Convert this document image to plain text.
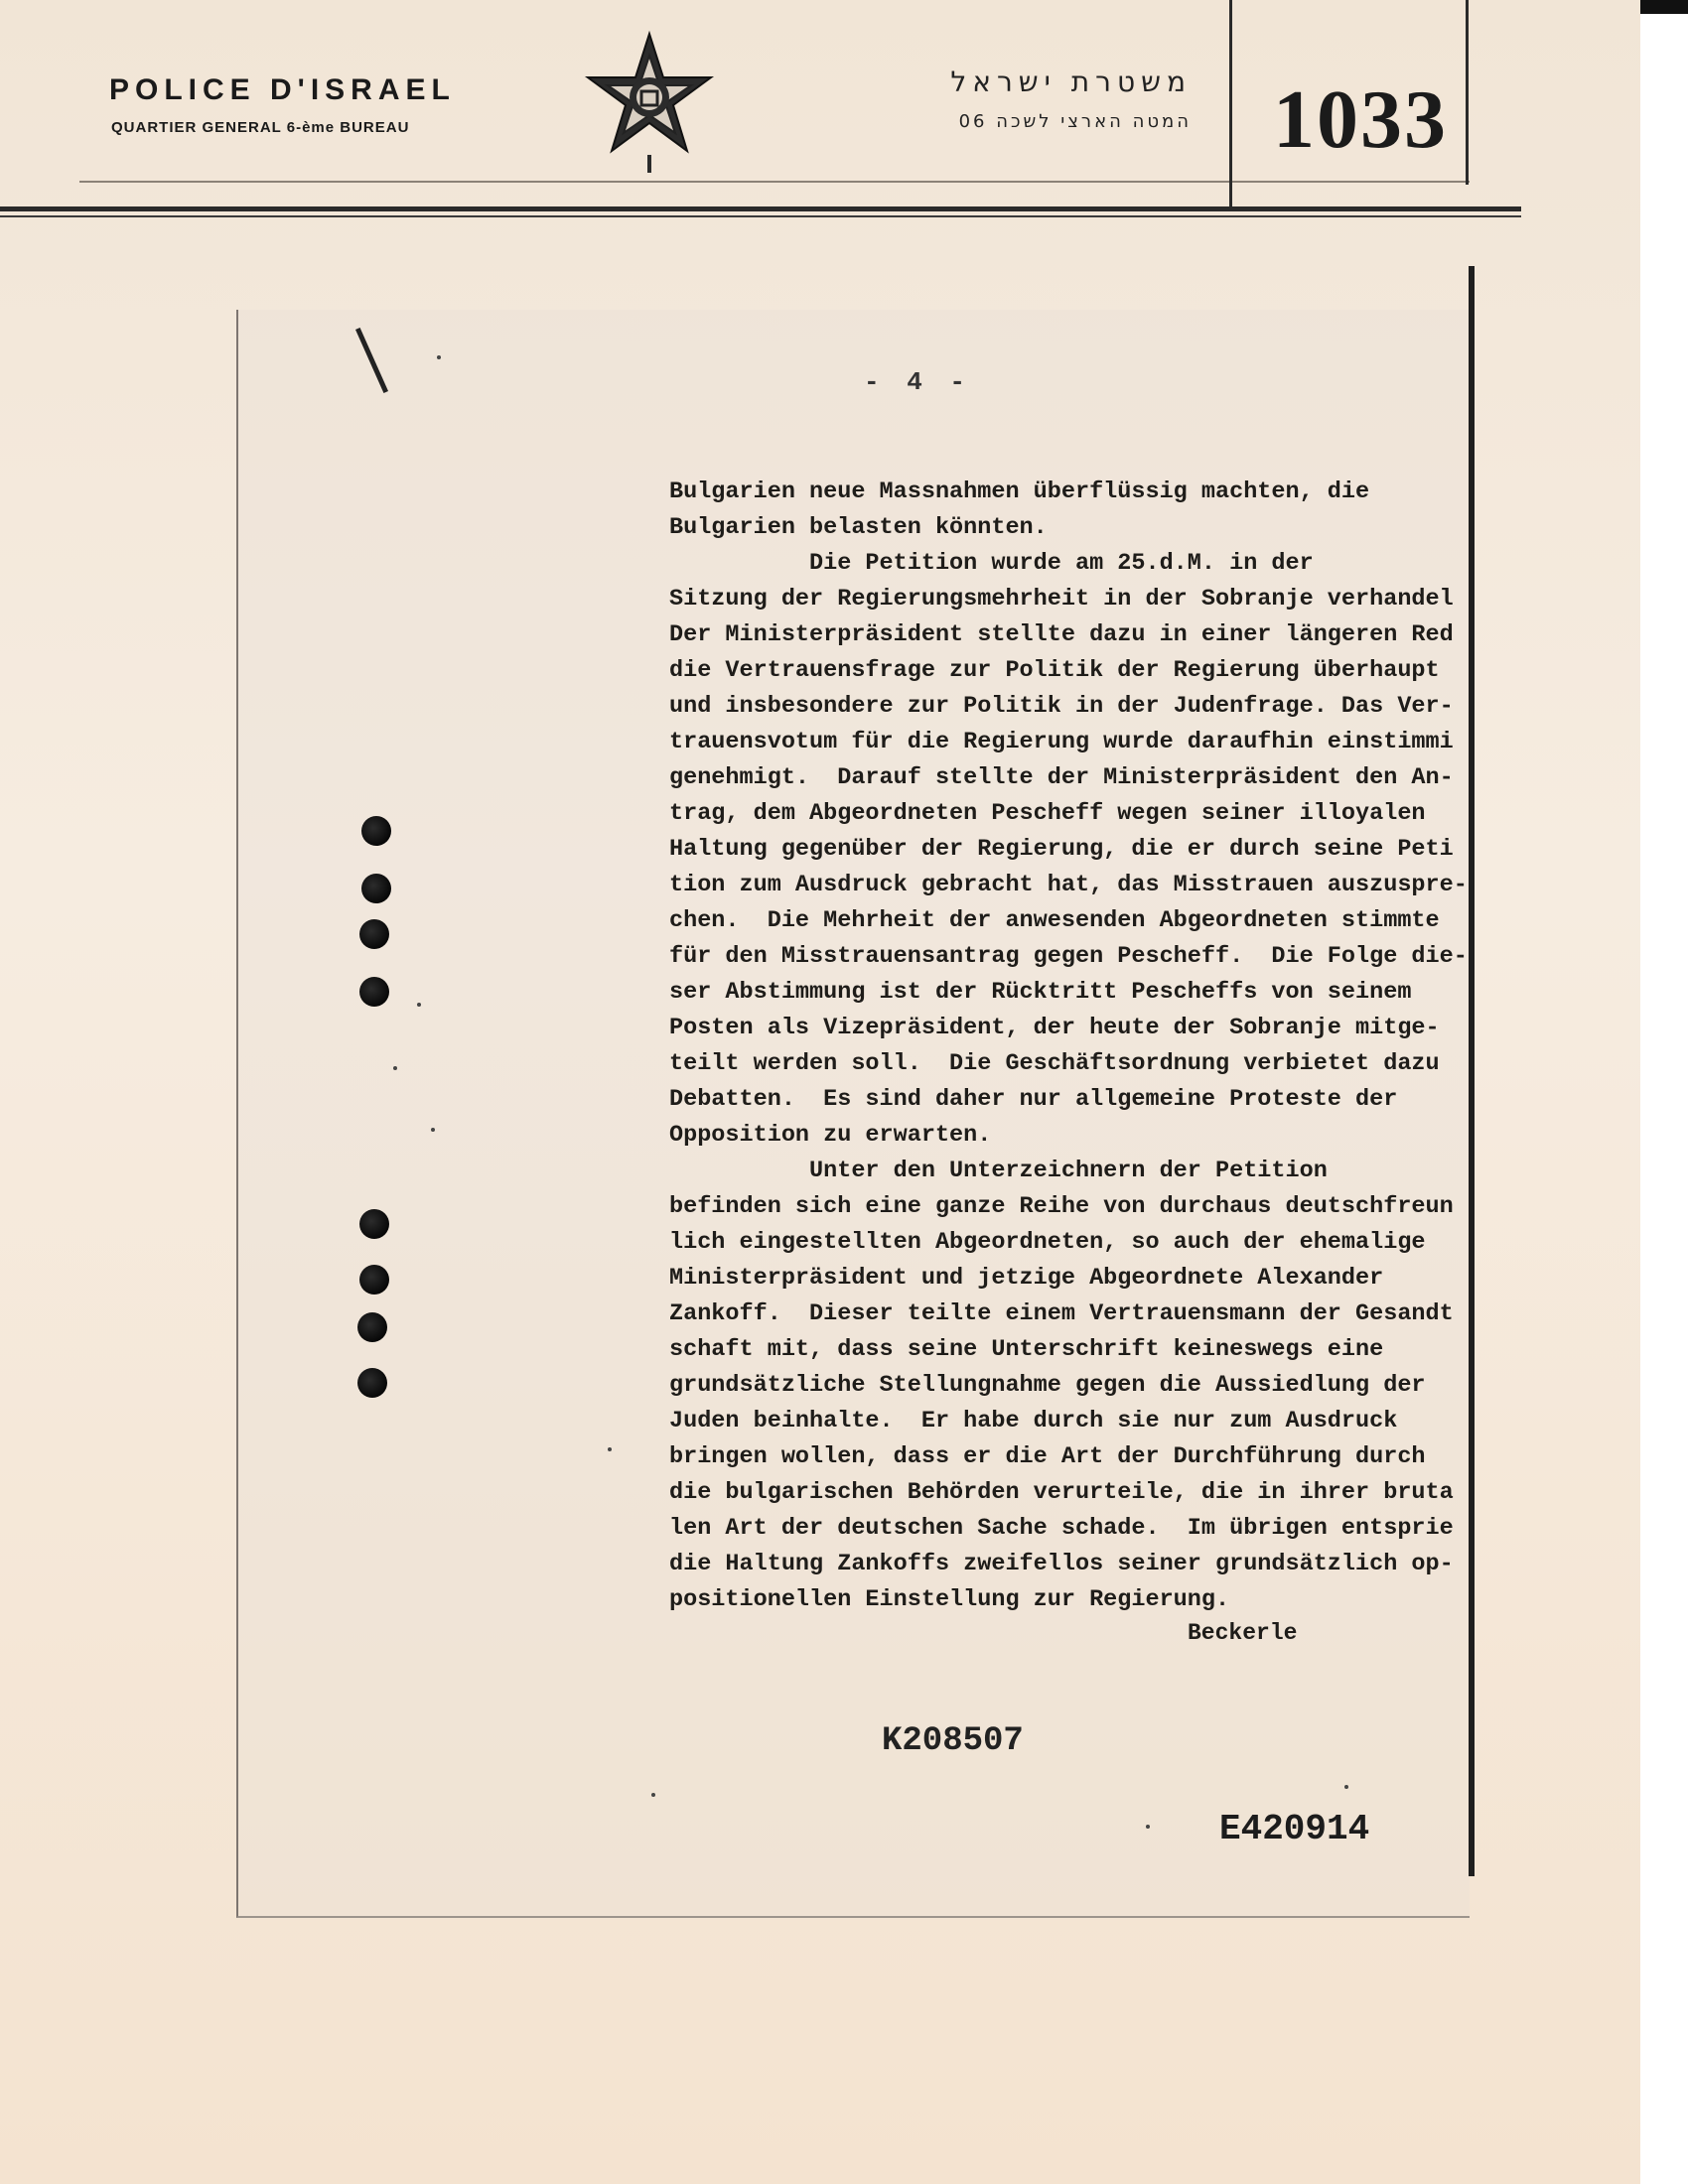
POLICE D'ISRAEL
QUARTIER GENERAL 6-ème BUREAU
משטרת ישראל
המטה הארצי לשכה 06 1033
- 4 -
Bulgarien neue Massnahmen überflüssig machten, die
Bulgarien belasten könnten.
Die Petition wurde am 25.d.M. in der
Sitzung der Regierungsmehrheit in der Sobranje verhandel
Der Ministerpräsident stellte dazu in einer längeren Red
die Vertrauensfrage zur Politik der Regierung überhaupt
und insbesondere zur Politik in der Judenfrage. Das Ver-
trauensvotum für die Regierung wurde daraufhin einstimmi
genehmigt.  Darauf stellte der Ministerpräsident den An-
trag, dem Abgeordneten Pescheff wegen seiner illoyalen
Haltung gegenüber der Regierung, die er durch seine Peti
tion zum Ausdruck gebracht hat, das Misstrauen auszuspre-
chen.  Die Mehrheit der anwesenden Abgeordneten stimmte
für den Misstrauensantrag gegen Pescheff.  Die Folge die-
ser Abstimmung ist der Rücktritt Pescheffs von seinem
Posten als Vizepräsident, der heute der Sobranje mitge-
teilt werden soll.  Die Geschäftsordnung verbietet dazu
Debatten.  Es sind daher nur allgemeine Proteste der
Opposition zu erwarten.
Unter den Unterzeichnern der Petition
befinden sich eine ganze Reihe von durchaus deutschfreun
lich eingestellten Abgeordneten, so auch der ehemalige
Ministerpräsident und jetzige Abgeordnete Alexander
Zankoff.  Dieser teilte einem Vertrauensmann der Gesandt
schaft mit, dass seine Unterschrift keineswegs eine
grundsätzliche Stellungnahme gegen die Aussiedlung der
Juden beinhalte.  Er habe durch sie nur zum Ausdruck
bringen wollen, dass er die Art der Durchführung durch
die bulgarischen Behörden verurteile, die in ihrer bruta
len Art der deutschen Sache schade.  Im übrigen entsprie
die Haltung Zankoffs zweifellos seiner grundsätzlich op-
positionellen Einstellung zur Regierung.
Beckerle
K208507
E420914
